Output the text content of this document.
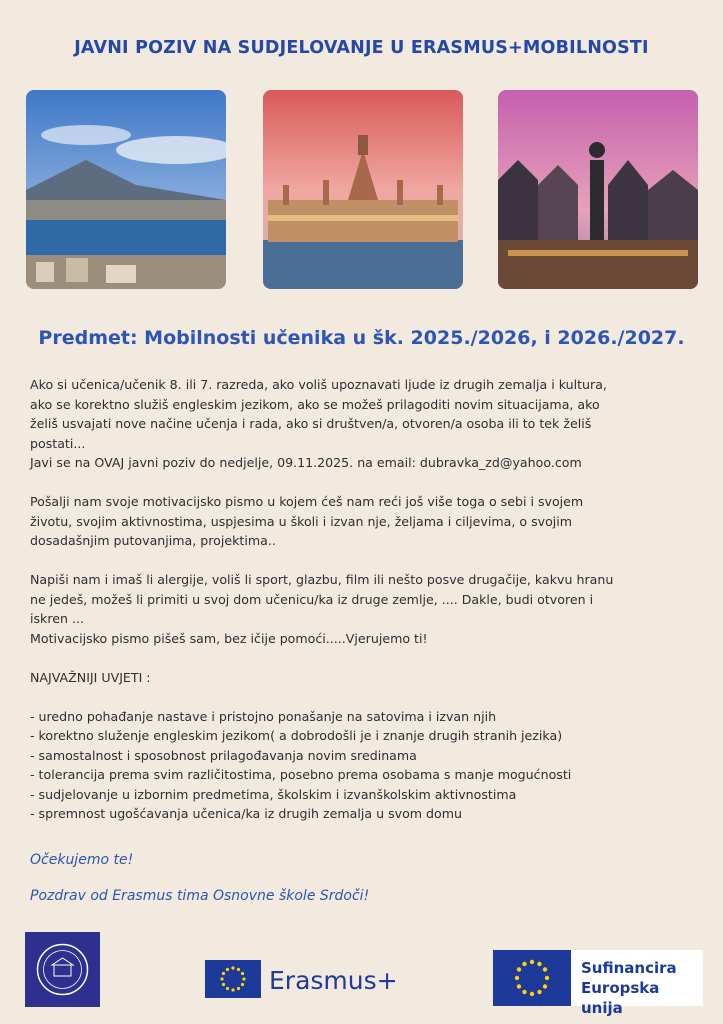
JAVNI POZIV NA SUDJELOVANJE U ERASMUS+MOBILNOSTI
Predmet: Mobilnosti učenika u šk. 2025./2026, i 2026./2027.

Ako si učenica/učenik 8. ili 7. razreda, ako voliš upoznavati ljude iz drugih zemalja i kultura,

ako se korektno služiš engleskim jezikom, ako se možeš prilagoditi novim situacijama, ako

želiš usvajati nove načine učenja i rada, ako si društven/a, otvoren/a osoba ili to tek želiš

postati...

Javi se na OVAJ javni poziv do nedjelje, 09.11.2025. na email: dubravka_zd@yahoo.com

Pošalji nam svoje motivacijsko pismo u kojem ćeš nam reći još više toga o sebi i svojem

životu, svojim aktivnostima, uspjesima u školi i izvan nje, željama i ciljevima, o svojim

dosadašnjim putovanjima, projektima..

Napiši nam i imaš li alergije, voliš li sport, glazbu, film ili nešto posve drugačije, kakvu hranu

ne jedeš, možeš li primiti u svoj dom učenicu/ka iz druge zemlje, .... Dakle, budi otvoren i

iskren ...

Motivacijsko pismo pišeš sam, bez ičije pomoći.....Vjerujemo ti!

NAJVAŽNIJI UVJETI :

- uredno pohađanje nastave i pristojno ponašanje na satovima i izvan njih
- korektno služenje engleskim jezikom( a dobrodošli je i znanje drugih stranih jezika)
- samostalnost i sposobnost prilagođavanja novim sredinama
- tolerancija prema svim različitostima, posebno prema osobama s manje mogućnosti
- sudjelovanje u izbornim predmetima, školskim i izvanškolskim aktivnostima
- spremnost ugošćavanja učenica/ka iz drugih zemalja u svom domu
Očekujemo te!
Pozdrav od Erasmus tima Osnovne škole Srdoči!
Erasmus+	Sufinancira
Europska unija
